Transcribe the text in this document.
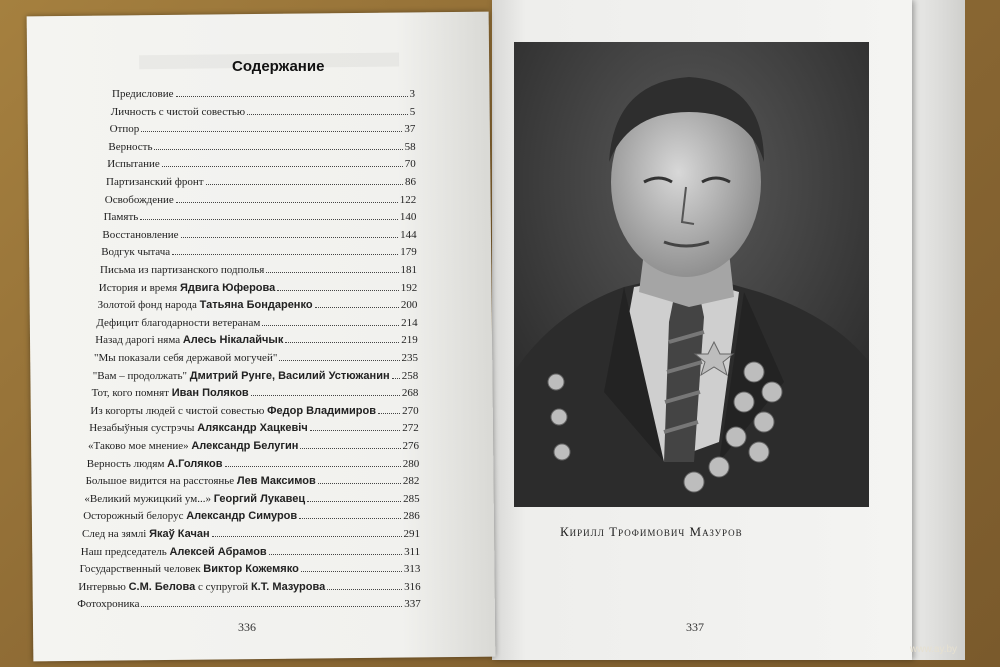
Содержание
Предисловие	3
Личность с чистой совестью	5
Отпор	37
Верность	58
Испытание	70
Партизанский фронт	86
Освобождение	122
Память	140
Восстановление	144
Водгук чытача	179
Письма из партизанского подполья	181
История и время Ядвига Юферова	192
Золотой фонд народа Татьяна Бондаренко	200
Дефицит благодарности ветеранам	214
Назад дарогі няма Алесь Нікалайчык	219
"Мы показали себя державой могучей"	235
"Вам – продолжать" Дмитрий Рунге, Василий Устюжанин 258
Тот, кого помнят Иван Поляков	268
Из когорты людей с чистой совестью Федор Владимиров 270
Незабыўныя сустрэчы Аляксандр Хацкевіч	272
«Таково мое мнение» Александр Белугин	276
Верность людям А.Голяков	280
Большое видится на расстоянье Лев Максимов	282
«Великий мужицкий ум...» Георгий Лукавец	285
Осторожный белорус Александр Симуров	286
След на зямлі Якаў Качан	291
Наш председатель Алексей Абрамов	311
Государственный человек Виктор Кожемяко	313
Интервью С.М. Белова с супругой К.Т. Мазурова	316
Фотохроника	337
336
Кирилл Трофимович Мазуров
337
www.ay.by
